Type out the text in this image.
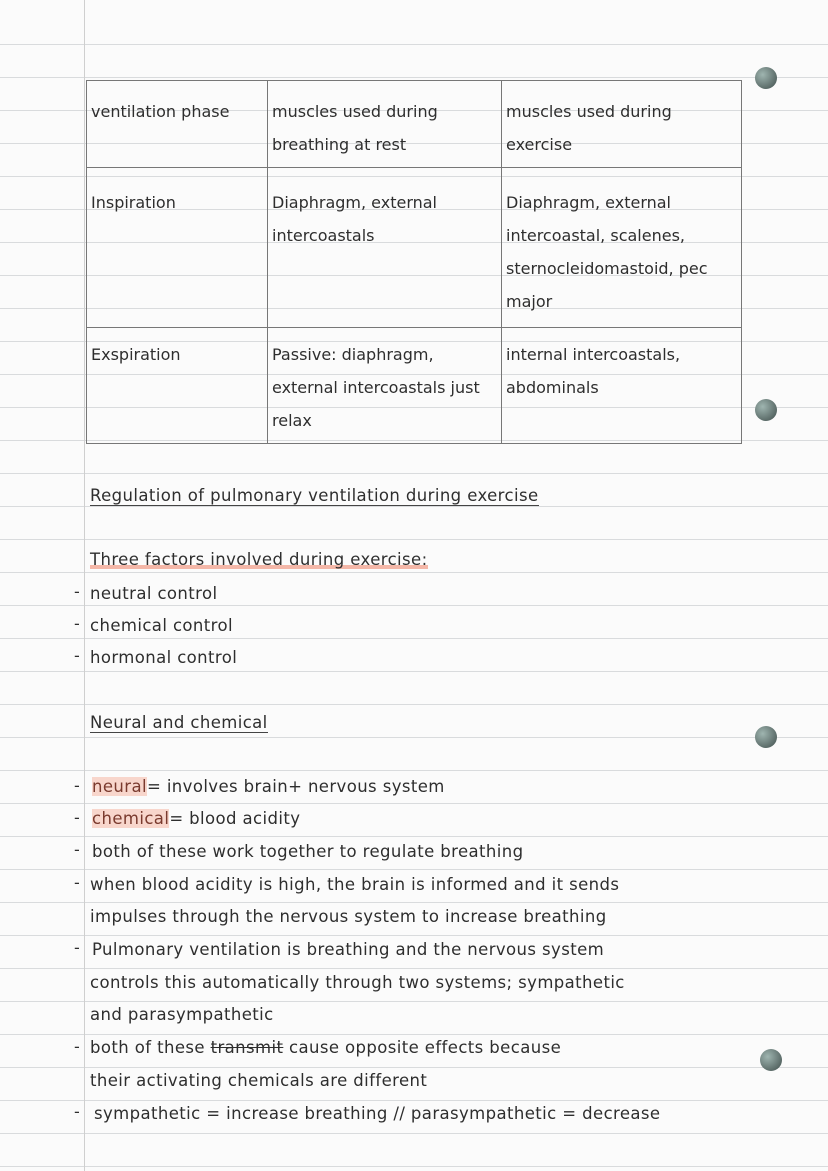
ventilation phase	muscles used during breathing at rest	muscles used during exercise
Inspiration	Diaphragm, external intercoastals	Diaphragm, external intercoastal, scalenes, sternocleidomastoid, pec major
Exspiration	Passive: diaphragm, external intercoastals just relax	internal intercoastals, abdominals
Regulation of pulmonary ventilation during exercise
Three factors involved during exercise:
- neutral control
- chemical control
- hormonal control
Neural and chemical
- neural= involves brain+ nervous system
- chemical= blood acidity
- both of these work together to regulate breathing
- when blood acidity is high, the brain is informed and it sends
impulses through the nervous system to increase breathing
- Pulmonary ventilation is breathing and the nervous system
controls this automatically through two systems; sympathetic
and parasympathetic
- both of these transmit cause opposite effects because
their activating chemicals are different
- sympathetic = increase breathing // parasympathetic = decrease
